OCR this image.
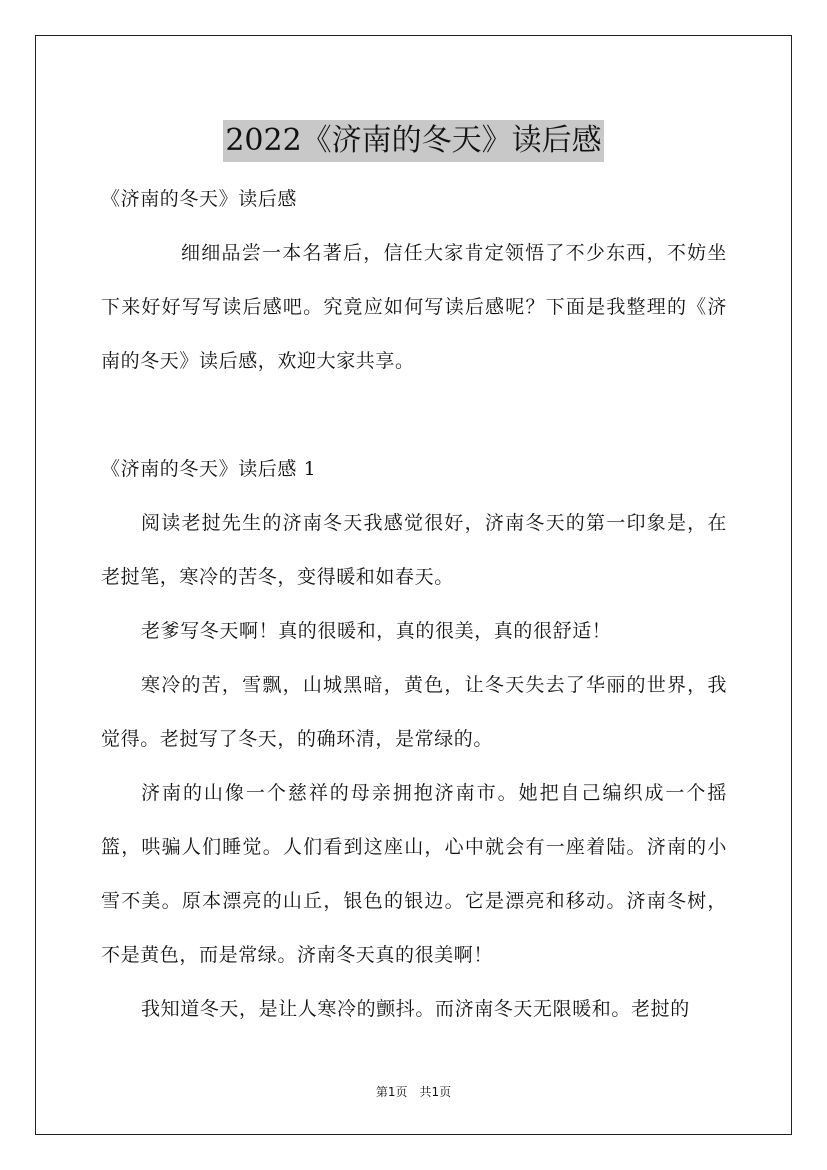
2022《济南的冬天》读后感

《济南的冬天》读后感

细细品尝一本名著后，信任大家肯定领悟了不少东西，不妨坐下来好好写写读后感吧。究竟应如何写读后感呢？下面是我整理的《济南的冬天》读后感，欢迎大家共享。

《济南的冬天》读后感 1

阅读老挝先生的济南冬天我感觉很好，济南冬天的第一印象是，在老挝笔，寒冷的苦冬，变得暖和如春天。

老爹写冬天啊！真的很暖和，真的很美，真的很舒适！

寒冷的苦，雪飘，山城黑暗，黄色，让冬天失去了华丽的世界，我觉得。老挝写了冬天，的确环清，是常绿的。

济南的山像一个慈祥的母亲拥抱济南市。她把自己编织成一个摇篮，哄骗人们睡觉。人们看到这座山，心中就会有一座着陆。济南的小雪不美。原本漂亮的山丘，银色的银边。它是漂亮和移动。济南冬树，不是黄色，而是常绿。济南冬天真的很美啊！

我知道冬天，是让人寒冷的颤抖。而济南冬天无限暖和。老挝的

第1页　共1页
